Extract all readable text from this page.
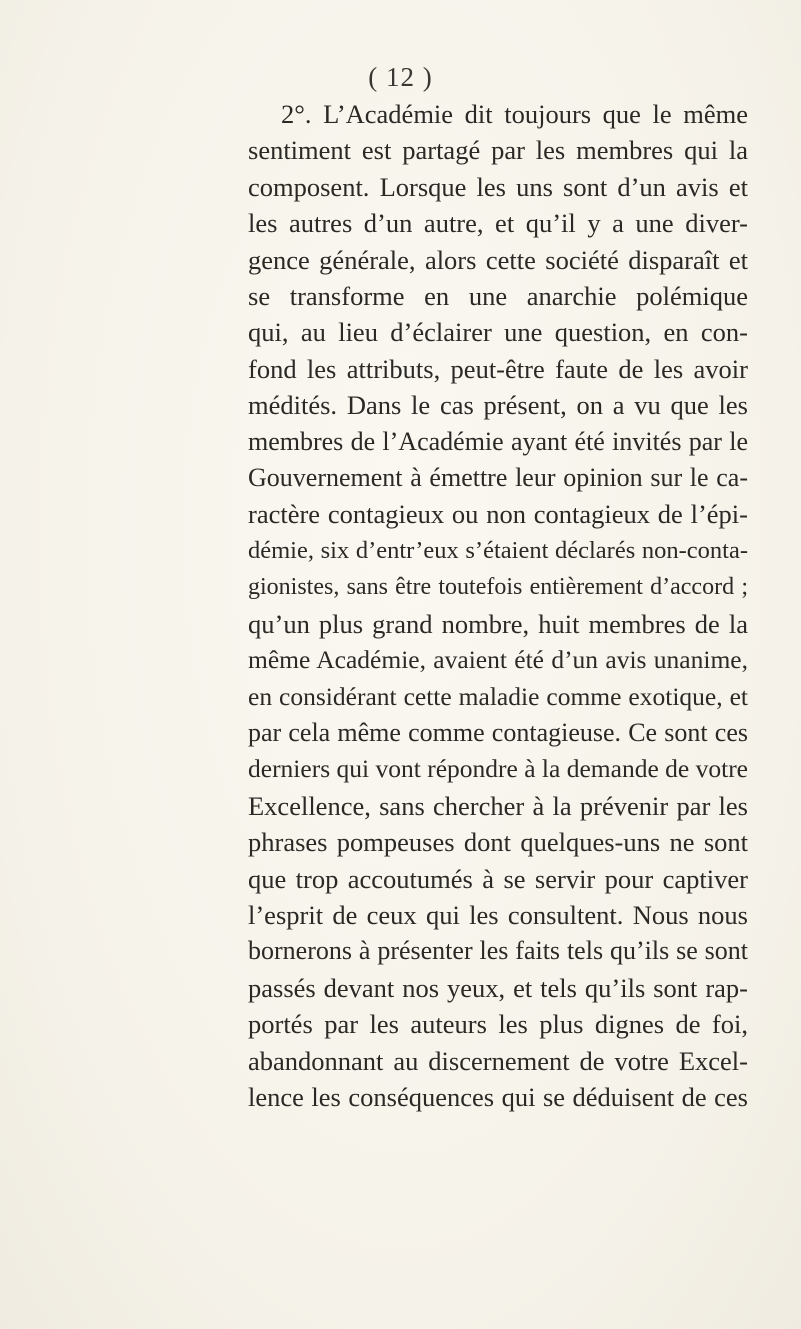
( 12 )
2°. L’Académie dit toujours que le même
sentiment est partagé par les membres qui la
composent. Lorsque les uns sont d’un avis et
les autres d’un autre, et qu’il y a une diver-
gence générale, alors cette société disparaît et
se transforme en une anarchie polémique
qui, au lieu d’éclairer une question, en con-
fond les attributs, peut-être faute de les avoir
médités. Dans le cas présent, on a vu que les
membres de l’Académie ayant été invités par le
Gouvernement à émettre leur opinion sur le ca-
ractère contagieux ou non contagieux de l’épi-
démie, six d’entr’eux s’étaient déclarés non-conta-
gionistes, sans être toutefois entièrement d’accord ;
qu’un plus grand nombre, huit membres de la
même Académie, avaient été d’un avis unanime,
en considérant cette maladie comme exotique, et
par cela même comme contagieuse. Ce sont ces
derniers qui vont répondre à la demande de votre
Excellence, sans chercher à la prévenir par les
phrases pompeuses dont quelques-uns ne sont
que trop accoutumés à se servir pour captiver
l’esprit de ceux qui les consultent. Nous nous
bornerons à présenter les faits tels qu’ils se sont
passés devant nos yeux, et tels qu’ils sont rap-
portés par les auteurs les plus dignes de foi,
abandonnant au discernement de votre Excel-
lence les conséquences qui se déduisent de ces
